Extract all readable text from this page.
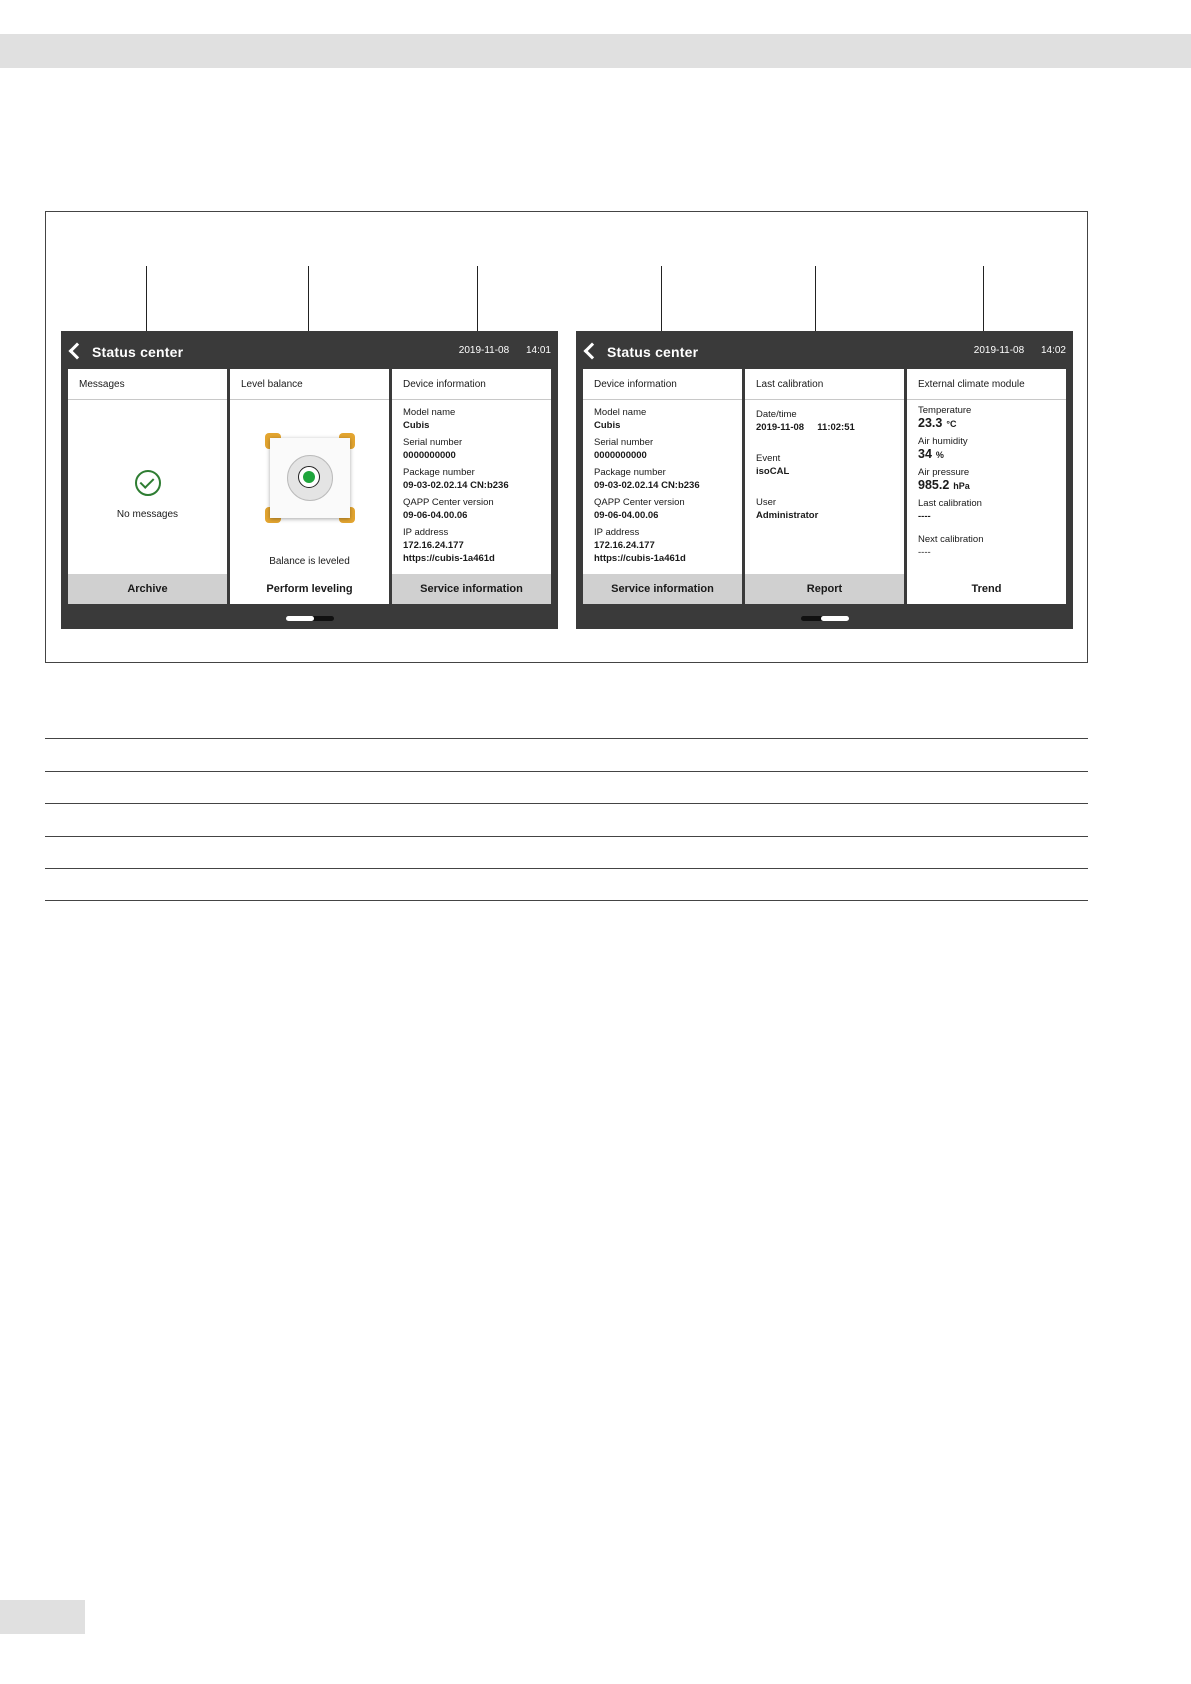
Status center	2019-11-08 14:01
Messages
No messages
Archive
Level balance
Balance is leveled
Perform leveling
Device information
Model name
Cubis
Serial number
0000000000
Package number
09-03-02.02.14 CN:b236
QAPP Center version
09-06-04.00.06
IP address
172.16.24.177
https://cubis-1a461d
Service information
Status center	2019-11-08 14:02
Device information
Model name
Cubis
Serial number
0000000000
Package number
09-03-02.02.14 CN:b236
QAPP Center version
09-06-04.00.06
IP address
172.16.24.177
https://cubis-1a461d
Service information
Last calibration
Date/time
2019-11-08 11:02:51
Event
isoCAL
User
Administrator
Report
External climate module
Temperature
23.3 °C
Air humidity
34 %
Air pressure
985.2 hPa
Last calibration
----
Next calibration
----
Trend
